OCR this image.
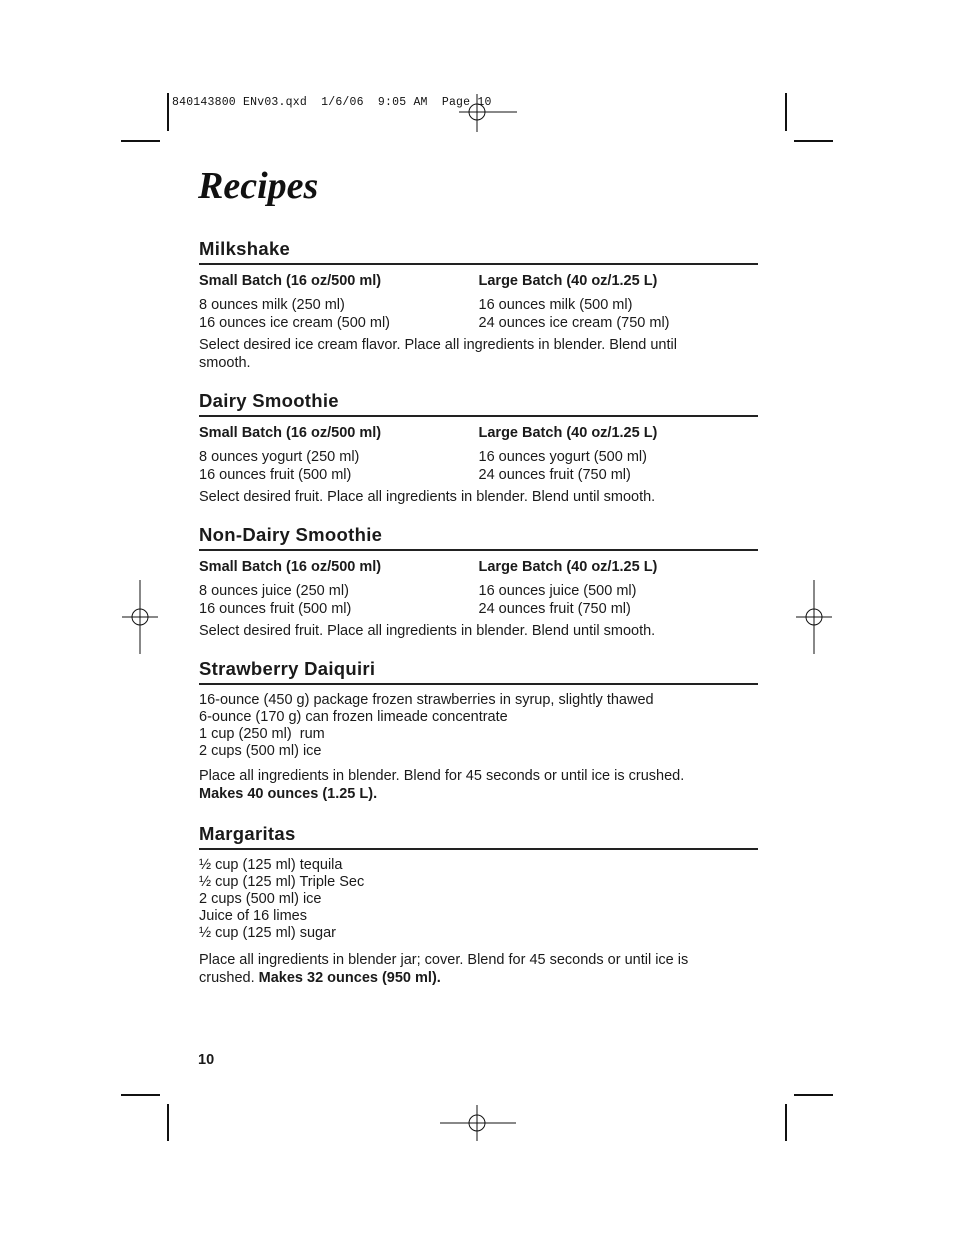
840143800 ENv03.qxd  1/6/06  9:05 AM  Page 10
Recipes
Milkshake
Small Batch (16 oz/500 ml)
8 ounces milk (250 ml)
16 ounces ice cream (500 ml)
Large Batch (40 oz/1.25 L)
16 ounces milk (500 ml)
24 ounces ice cream (750 ml)
Select desired ice cream flavor. Place all ingredients in blender. Blend until smooth.
Dairy Smoothie
Small Batch (16 oz/500 ml)
8 ounces yogurt (250 ml)
16 ounces fruit (500 ml)
Large Batch (40 oz/1.25 L)
16 ounces yogurt (500 ml)
24 ounces fruit (750 ml)
Select desired fruit. Place all ingredients in blender. Blend until smooth.
Non-Dairy Smoothie
Small Batch (16 oz/500 ml)
8 ounces juice (250 ml)
16 ounces fruit (500 ml)
Large Batch (40 oz/1.25 L)
16 ounces juice (500 ml)
24 ounces fruit (750 ml)
Select desired fruit. Place all ingredients in blender. Blend until smooth.
Strawberry Daiquiri
16-ounce (450 g) package frozen strawberries in syrup, slightly thawed
6-ounce (170 g) can frozen limeade concentrate
1 cup (250 ml)  rum
2 cups (500 ml) ice
Place all ingredients in blender. Blend for 45 seconds or until ice is crushed.
Makes 40 ounces (1.25 L).
Margaritas
½ cup (125 ml) tequila
½ cup (125 ml) Triple Sec
2 cups (500 ml) ice
Juice of 16 limes
½ cup (125 ml) sugar
Place all ingredients in blender jar; cover. Blend for 45 seconds or until ice is crushed. Makes 32 ounces (950 ml).
10
